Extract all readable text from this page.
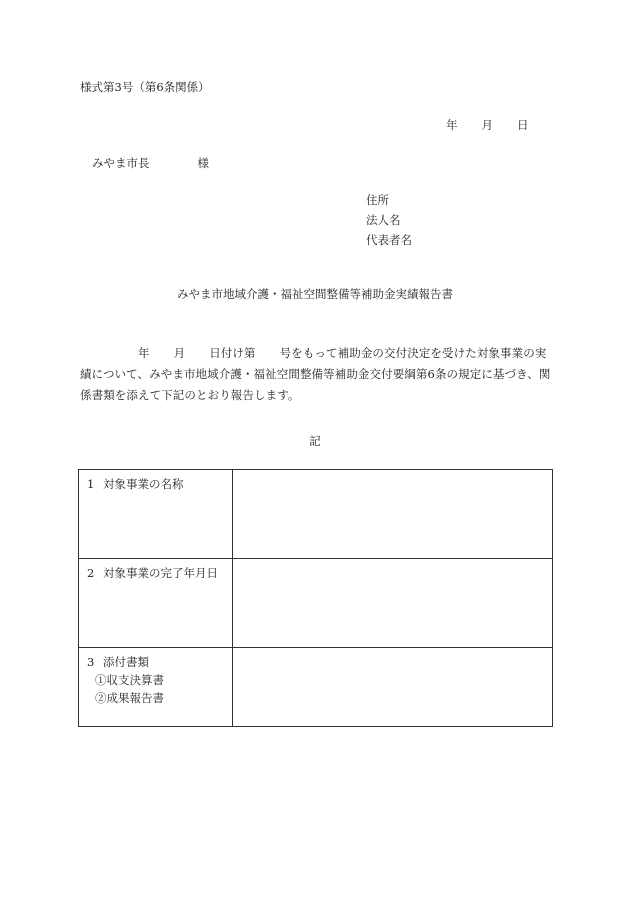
様式第3号（第6条関係）
年 月 日
みやま市長	様
住所
法人名
代表者名
みやま市地域介護・福祉空間整備等補助金実績報告書
年 月 日付け第 号をもって補助金の交付決定を受けた対象事業の実
績について、みやま市地域介護・福祉空間整備等補助金交付要綱第6条の規定に基づき、関
係書類を添えて下記のとおり報告します。
記
1 対象事業の名称	
2 対象事業の完了年月日	
3 添付書類
①収支決算書
②成果報告書	
